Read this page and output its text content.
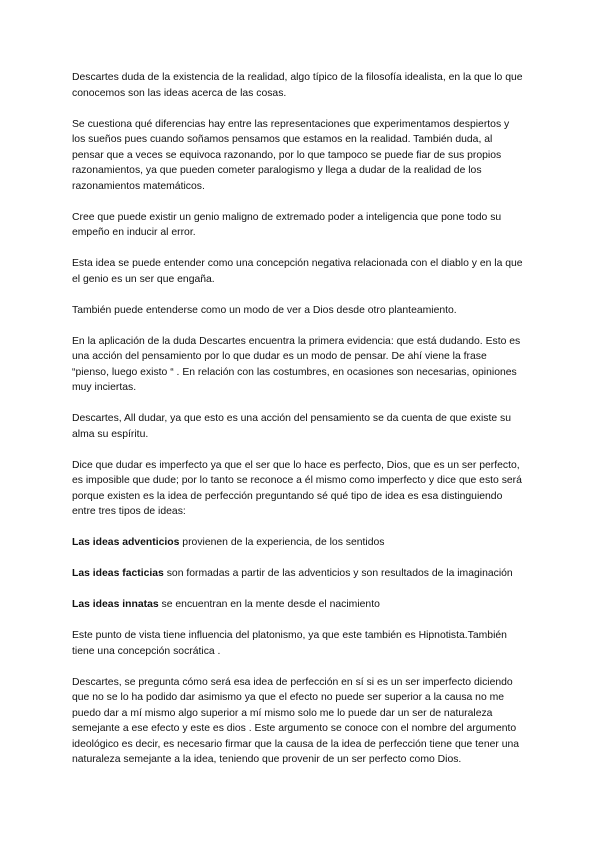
Descartes duda de la existencia de la realidad, algo típico de la filosofía idealista, en la que lo que conocemos son las ideas acerca de las cosas.

Se cuestiona qué diferencias hay entre las representaciones que experimentamos despiertos y los sueños pues cuando soñamos pensamos que estamos en la realidad. También duda, al pensar que a veces se equivoca razonando, por lo que tampoco se puede fiar de sus propios razonamientos, ya que pueden cometer paralogismo y llega a dudar de la realidad de los razonamientos matemáticos.

Cree que puede existir un genio maligno de extremado poder a inteligencia que pone todo su empeño en inducir al error.

Esta idea se puede entender como una concepción negativa relacionada con el diablo y en la que el genio es un ser que engaña.

También puede entenderse como un modo de ver a Dios desde otro planteamiento.

En la aplicación de la duda Descartes encuentra la primera evidencia: que está dudando. Esto es una acción del pensamiento por lo que dudar es un modo de pensar. De ahí viene la frase “pienso, luego existo “ . En relación con las costumbres, en ocasiones son necesarias, opiniones muy inciertas.

Descartes, All dudar, ya que esto es una acción del pensamiento se da cuenta de que existe su alma su espíritu.

Dice que dudar es imperfecto ya que el ser que lo hace es perfecto, Dios, que es un ser perfecto, es imposible que dude; por lo tanto se reconoce a él mismo como imperfecto y dice que esto será porque existen es la idea de perfección preguntando sé qué tipo de idea es esa distinguiendo entre tres tipos de ideas:

Las ideas adventicios provienen de la experiencia, de los sentidos

Las ideas facticias son formadas a partir de las adventicios y son resultados de la imaginación

Las ideas innatas se encuentran en la mente desde el nacimiento

Este punto de vista tiene influencia del platonismo, ya que este también es Hipnotista.También tiene una concepción socrática .

Descartes, se pregunta cómo será esa idea de perfección en sí si es un ser imperfecto diciendo que no se lo ha podido dar asimismo ya que el efecto no puede ser superior a la causa no me puedo dar a mí mismo algo superior a mí mismo solo me lo puede dar un ser de naturaleza semejante a ese efecto y este es dios . Este argumento se conoce con el nombre del argumento ideológico es decir, es necesario firmar que la causa de la idea de perfección tiene que tener una naturaleza semejante a la idea, teniendo que provenir de un ser perfecto como Dios.
